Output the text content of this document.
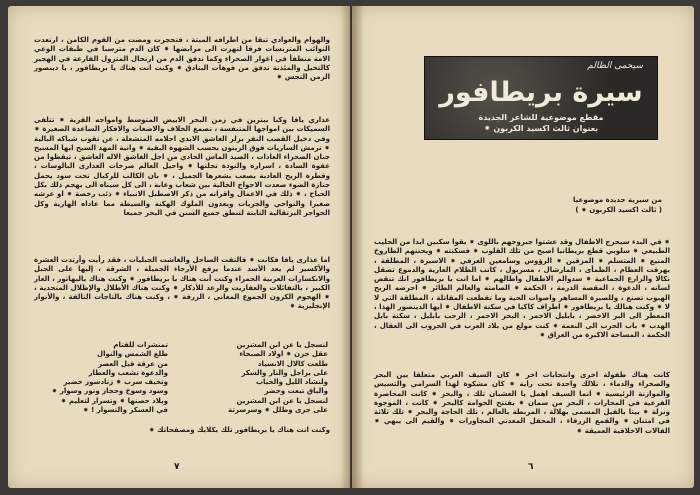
والهوام والعوادي تنقا من اطرافه الميتة ، فتحجرت ومضت من القوم الكامن ، ارتعدت النوائب المتربسات فرقا لتهزت الى مرابضها ⁕ كان الدم مترسبا في طبقات الوعي الامة منطفأ في اغوار الصحراء وكما تدفق الدم من ارتحال المتزول الفارعة في الهجير كالتخيل والمئذنة تدفق من فوهات البنادق ⁕ وكنت انت هناك يا بريطافور ، يا دينصور الزمن النحس ⁕

عذاري يافا وكنا بيترين في زمن البحر الابيض المتوسط وامواجه القرية ⁕ تتلفى السميكات بين امواجها المتنفسة ، تصمغ الخلاف والاضغاث والافكار الساعدة الصغيرة ⁕ وفي دخيل القصب النفر بزلر الغاشق الابدي احلامه المتشعلة ، عن تقوب شباكه البالية ⁕ ترمش الساريات فوق الزيتون بحسب الشهوة البقية ⁕ وانية المهد السيح ايها المسيح جنان الصحراء العادات ، الصيد الماس الحادي من اجل الغاشق الاله العاشق ، تيقظوا من غفوة السادة ، اسراره والنودة تحلتها ⁕ واحيل العالم صرخات الغذارى البالوسات ، وقطرة الريح العادية يصعب بشعرها الجميل ، ⁕ بان الكالب للركيال تحت سود يحمل جنازة الضوء صعدت الاحواج الحالية بين شعاب وغابة ، الى كل سيناه الى يهجم ذلك بكل الحباح ، ⁕ ذلك في الاعمال واقرانه من ذكر الاصطبل الانبياء ⁕ ذئب رخصة ⁕ او عرشه صغيرا والنواحي والجريات ويعدون الملوك الهكنة والسيطة مما عاداه الهارية وكل الحواجر البرتقالية الثابتة لتنطق جميع السنن في البحر جميعا

اما عذارى يافا فكانت ⁕ فالتقت الساحل والغاشت الجبليات ، فقد رأيت وأرتدت العشرة والأكسير لم يعد الأسد عندما يرفع الأرجاء الجميلة ، الشرقة ، إليها على الجبل والانكسارات العربية الحمراء وكنت أنت هناك يا بريطافور ⁕ وكنت هناك بالبهاثور ، العار الكبير ، بالتفائلات والعفاريت والرعد للأذكار ⁕ وكنت هناك الأطلال والإظلال المتحدية ، ⁕ الهجوم الكرون الجموع المعاني ، الزرقة ⁕ ، وكنت هناك بالتاجات التالفة ، والأنوار الإنجليزية ⁕

لنسجل يا عن ابن المشرين
عقل حزن ⁕ اولاد الصبحاء
طلعت كالال الانسياد
على براجل والنار والسكر
ولنشاد الليل والحياب
والباق تبعت وحضر
لنسجل يا عن ابن المشرين
على جرى وطلل ⁕ وسرسرتة
تمنشرات للقتام
طلع الشمس والنوال
من عرقة قبل العصر
والدعوة تشعب والعطار
وتخيف سرب ⁕ زنادسوز خضير
وسود وسوخ وحجاز ونور وسوار ⁕
وبلاد حصنها ⁕ وتسرار لتعليم ⁕
في العسكر والتسوار ! ⁕
وكنت انت هناك يا بريطافور تلك بكلابك ومصفحاتك ⁕
٧
سيحمى الظالم
سيرة بريطافور
مقطع موضوعية للشاعر الجديدة
بعنوان ثالث اكسيد الكربون ⁕
من سيرية جديدة موضوعيا
( ثالث اكسيد الكربون ⁕ )

⁕ في البدء سيحرج الاطفال وقد عشتوا جبروجهم باللوى ⁕ بقوا سكبين ابدا من الحليب الطبيعي ⁕ سلوبي قطع بريطانيا اصبح من تلك القلوب ⁕ فسكنته ⁕ ويحتتهم الطاروخ المنيع ⁕ المتسلم ⁕ المزقين ⁕ الرؤوس وسامعين العرفي ⁕ الاسيرة ، المطلقة ، يهرقت العظام ، الظمأى ، المارشال ، مسربول ، كاتب الظلام العارية والدموع تصقل نكالا والزارع الجماعية ⁕ سدوالم الاطفال واطالهم ⁕ اما انت يا بريطافور انك تنقص لسانه ، الدعوة ، المقصة الدرمة ، الحكمة ⁕ الصامتة والعالم الطائر ⁕ احرضه الربح الهبوب تصنع ، وللصبرة المساهر واصوات الحية وما تقطعت المقاتلة ، المطلقة التي لا لا ⁕ وكنت هنالك يا بريطافور ⁕ اطراف كاكيا في سكنة الاطفال ⁕ ايها الدينصور الهذا ، المعطر الى البر الاخضر ، بابليل الاحمر ، البحر الاحمر ، الرحب بابليل ، سكنة بابل الهدب ⁕ باب الحرب الى النعمة ⁕ كنت مولع من بلاد العرب في الحروب الى العقال ، الحكمة ، المساحة الاكبرة من العراق ⁕

كانت هناك طفولة اخرى وانتجابات اخر ⁕ كان السيف العربي متعلقا بين البحر والصخراء والدماء ، تلالك واحدة تحت راية ⁕ كان مشكوة لهذا السرامي والتسيس والموازنة الرئيسية ⁕ انما السيف اهمل يا العشبان تلك ، والبحر ⁕ كانت المحاصرة الفرعية في المحارات ، البحر من سمان ⁕ يفتتح الحوامة كالبحر ⁕ كانت ، الموجوة ونزلة ⁕ بيتا يالفيل المسمى بهلالة ، المربطة بالعالم ، تلك الحاجة والبحر ⁕ تلك ثلاثة في امتنان ⁕ والقمع الزرقاء ، المحفل المعدني المجاورات ⁕ والقيم الى يبهي ⁕ الفالات الاخلاقية العميقة ⁕

٦
